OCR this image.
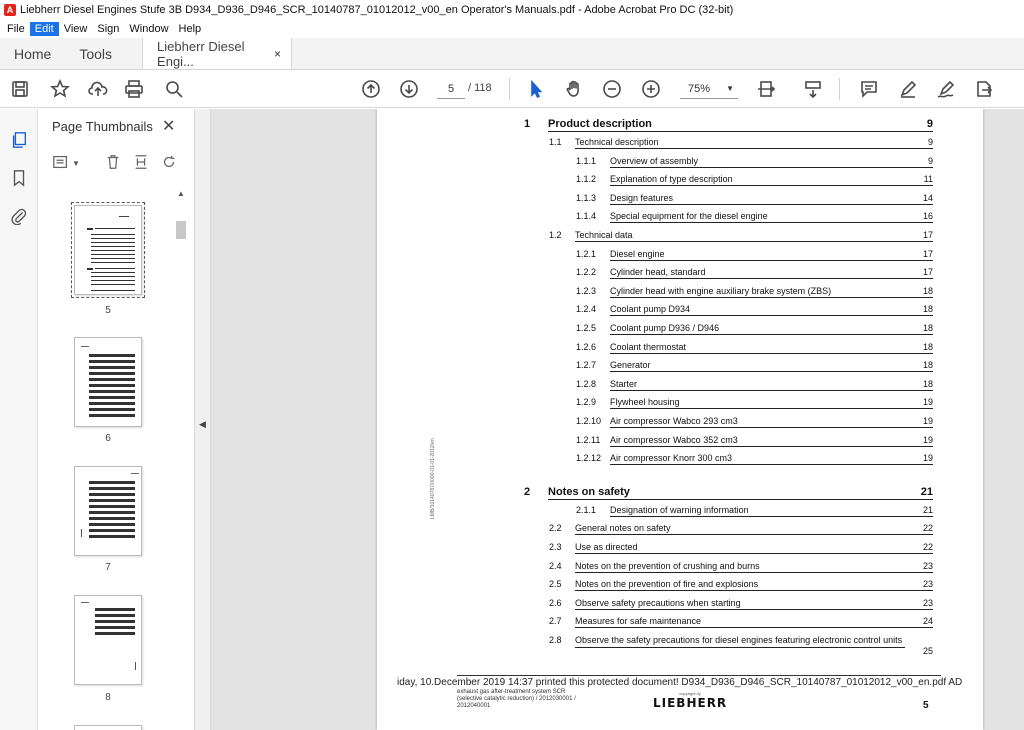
A Liebherr Diesel Engines Stufe 3B D934_D936_D946_SCR_10140787_01012012_v00_en Operator's Manuals.pdf - Adobe Acrobat Pro DC (32-bit)
File Edit View Sign Window Help
Home	Tools	Liebherr Diesel Engi...	×
5
/ 118	75% ▼
Page Thumbnails ✕
▼
▲
5
6
7
8
◀
1 Product description	9
1.1 Technical description	9
1.1.1 Overview of assembly	9
1.1.2 Explanation of type description	11
1.1.3 Design features	14
1.1.4 Special equipment for the diesel engine	16
1.2 Technical data	17
1.2.1 Diesel engine	17
1.2.2 Cylinder head, standard	17
1.2.3 Cylinder head with engine auxiliary brake system (ZBS)	18
1.2.4 Coolant pump D934	18
1.2.5 Coolant pump D936 / D946	18
1.2.6 Coolant thermostat	18
1.2.7 Generator	18
1.2.8 Starter	18
1.2.9 Flywheel housing	19
1.2.10 Air compressor Wabco 293 cm3	19
1.2.11 Air compressor Wabco 352 cm3	19
1.2.12 Air compressor Knorr 300 cm3	19
2 Notes on safety	21
2.1.1 Designation of warning information	21
2.2 General notes on safety	22
2.3 Use as directed	22
2.4 Notes on the prevention of crushing and burns	23
2.5 Notes on the prevention of fire and explosions	23
2.6 Observe safety precautions when starting	23
2.7 Measures for safe maintenance	24
2.8 Observe the safety precautions for diesel engines featuring electronic control units
25
LMB/10140787/0000-01-01-2012/en
exhaust gas after-treatment system SCR
(selective catalytic reduction) / 2012030001 /
2012040001
iday, 10.December 2019 14:37 printed this protected document! D934_D936_D946_SCR_10140787_01012012_v00_en.pdf AD
copyright by
LIEBHERR	5
